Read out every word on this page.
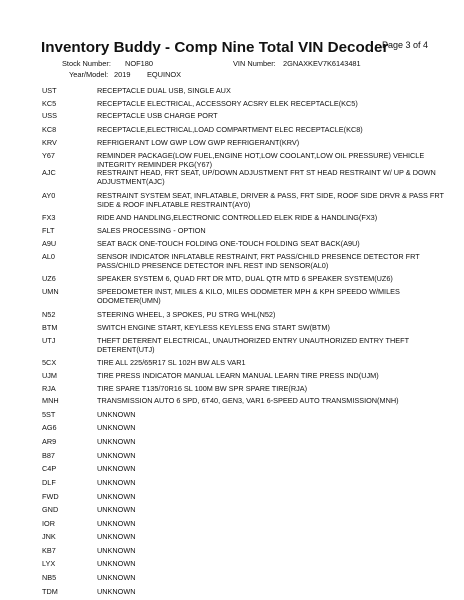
Inventory Buddy - Comp Nine Total VIN Decoder
Page 3 of 4
Stock Number: NOF180	VIN Number: 2GNAXKEV7K6143481
Year/Model: 2019 EQUINOX
UST	RECEPTACLE DUAL USB, SINGLE AUX
KC5	RECEPTACLE ELECTRICAL, ACCESSORY ACSRY ELEK RECEPTACLE(KC5)
USS	RECEPTACLE USB CHARGE PORT
KC8	RECEPTACLE,ELECTRICAL,LOAD COMPARTMENT ELEC RECEPTACLE(KC8)
KRV	REFRIGERANT LOW GWP LOW GWP REFRIGERANT(KRV)
Y67	REMINDER PACKAGE(LOW FUEL,ENGINE HOT,LOW COOLANT,LOW OIL PRESSURE) VEHICLE INTEGRITY REMINDER PKG(Y67)
AJC	RESTRAINT HEAD, FRT SEAT, UP/DOWN ADJUSTMENT FRT ST HEAD RESTRAINT W/ UP & DOWN ADJUSTMENT(AJC)
AY0	RESTRAINT SYSTEM SEAT, INFLATABLE, DRIVER & PASS, FRT SIDE, ROOF SIDE DRVR & PASS FRT SIDE & ROOF INFLATABLE RESTRAINT(AY0)
FX3	RIDE AND HANDLING,ELECTRONIC CONTROLLED ELEK RIDE & HANDLING(FX3)
FLT	SALES PROCESSING - OPTION
A9U	SEAT BACK ONE-TOUCH FOLDING ONE-TOUCH FOLDING SEAT BACK(A9U)
AL0	SENSOR INDICATOR INFLATABLE RESTRAINT, FRT PASS/CHILD PRESENCE DETECTOR FRT PASS/CHILD PRESENCE DETECTOR INFL REST IND SENSOR(AL0)
UZ6	SPEAKER SYSTEM 6, QUAD FRT DR MTD, DUAL QTR MTD 6 SPEAKER SYSTEM(UZ6)
UMN	SPEEDOMETER INST, MILES & KILO, MILES ODOMETER MPH & KPH SPEEDO W/MILES ODOMETER(UMN)
N52	STEERING WHEEL, 3 SPOKES, PU STRG WHL(N52)
BTM	SWITCH ENGINE START, KEYLESS KEYLESS ENG START SW(BTM)
UTJ	THEFT DETERENT ELECTRICAL, UNAUTHORIZED ENTRY UNAUTHORIZED ENTRY THEFT DETERENT(UTJ)
5CX	TIRE ALL 225/65R17 SL 102H BW ALS VAR1
UJM	TIRE PRESS INDICATOR MANUAL LEARN MANUAL LEARN TIRE PRESS IND(UJM)
RJA	TIRE SPARE T135/70R16 SL 100M BW SPR SPARE TIRE(RJA)
MNH	TRANSMISSION AUTO 6 SPD, 6T40, GEN3, VAR1 6-SPEED AUTO TRANSMISSION(MNH)
5ST	UNKNOWN
AG6	UNKNOWN
AR9	UNKNOWN
B87	UNKNOWN
C4P	UNKNOWN
DLF	UNKNOWN
FWD	UNKNOWN
GND	UNKNOWN
IOR	UNKNOWN
JNK	UNKNOWN
KB7	UNKNOWN
LYX	UNKNOWN
NB5	UNKNOWN
TDM	UNKNOWN
